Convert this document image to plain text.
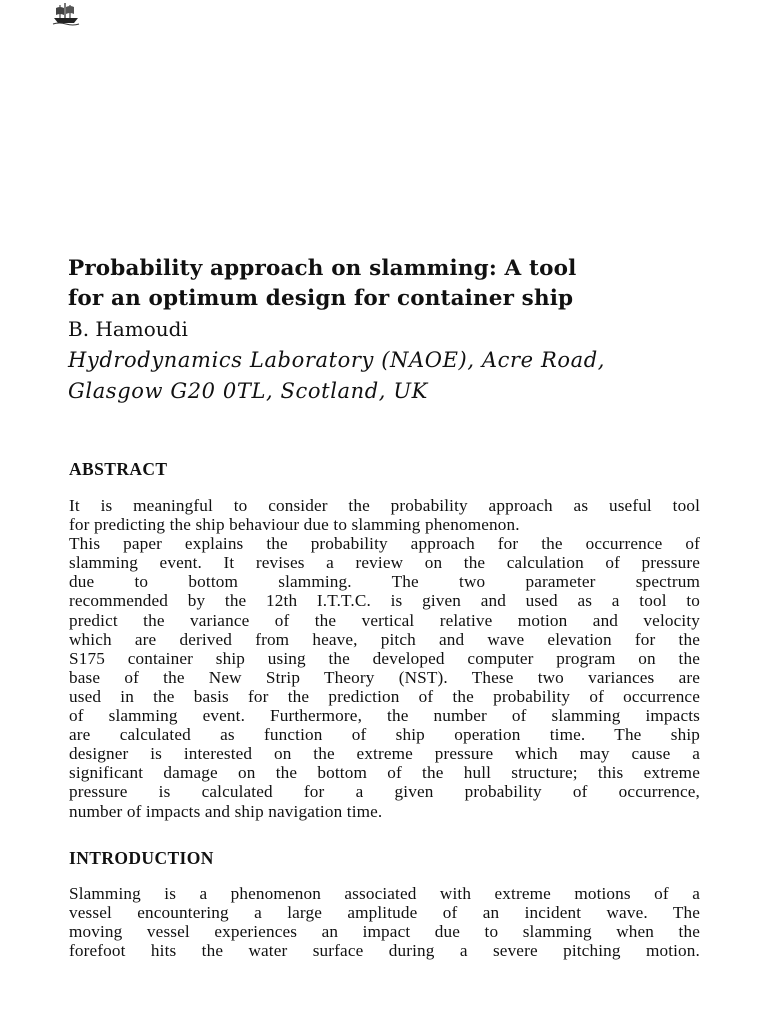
Probability approach on slamming: A tool
for an optimum design for container ship
B. Hamoudi
Hydrodynamics Laboratory (NAOE), Acre Road,
Glasgow G20 0TL, Scotland, UK
ABSTRACT
It is meaningful to consider the probability approach as useful tool
for predicting the ship behaviour due to slamming phenomenon.
This paper explains the probability approach for the occurrence of
slamming event. It revises a review on the calculation of pressure
due to bottom slamming. The two parameter spectrum
recommended by the 12th I.T.T.C. is given and used as a tool to
predict the variance of the vertical relative motion and velocity
which are derived from heave, pitch and wave elevation for the
S175 container ship using the developed computer program on the
base of the New Strip Theory (NST). These two variances are
used in the basis for the prediction of the probability of occurrence
of slamming event. Furthermore, the number of slamming impacts
are calculated as function of ship operation time. The ship
designer is interested on the extreme pressure which may cause a
significant damage on the bottom of the hull structure; this extreme
pressure is calculated for a given probability of occurrence,
number of impacts and ship navigation time.
INTRODUCTION
Slamming is a phenomenon associated with extreme motions of a
vessel encountering a large amplitude of an incident wave. The
moving vessel experiences an impact due to slamming when the
forefoot hits the water surface during a severe pitching motion.
